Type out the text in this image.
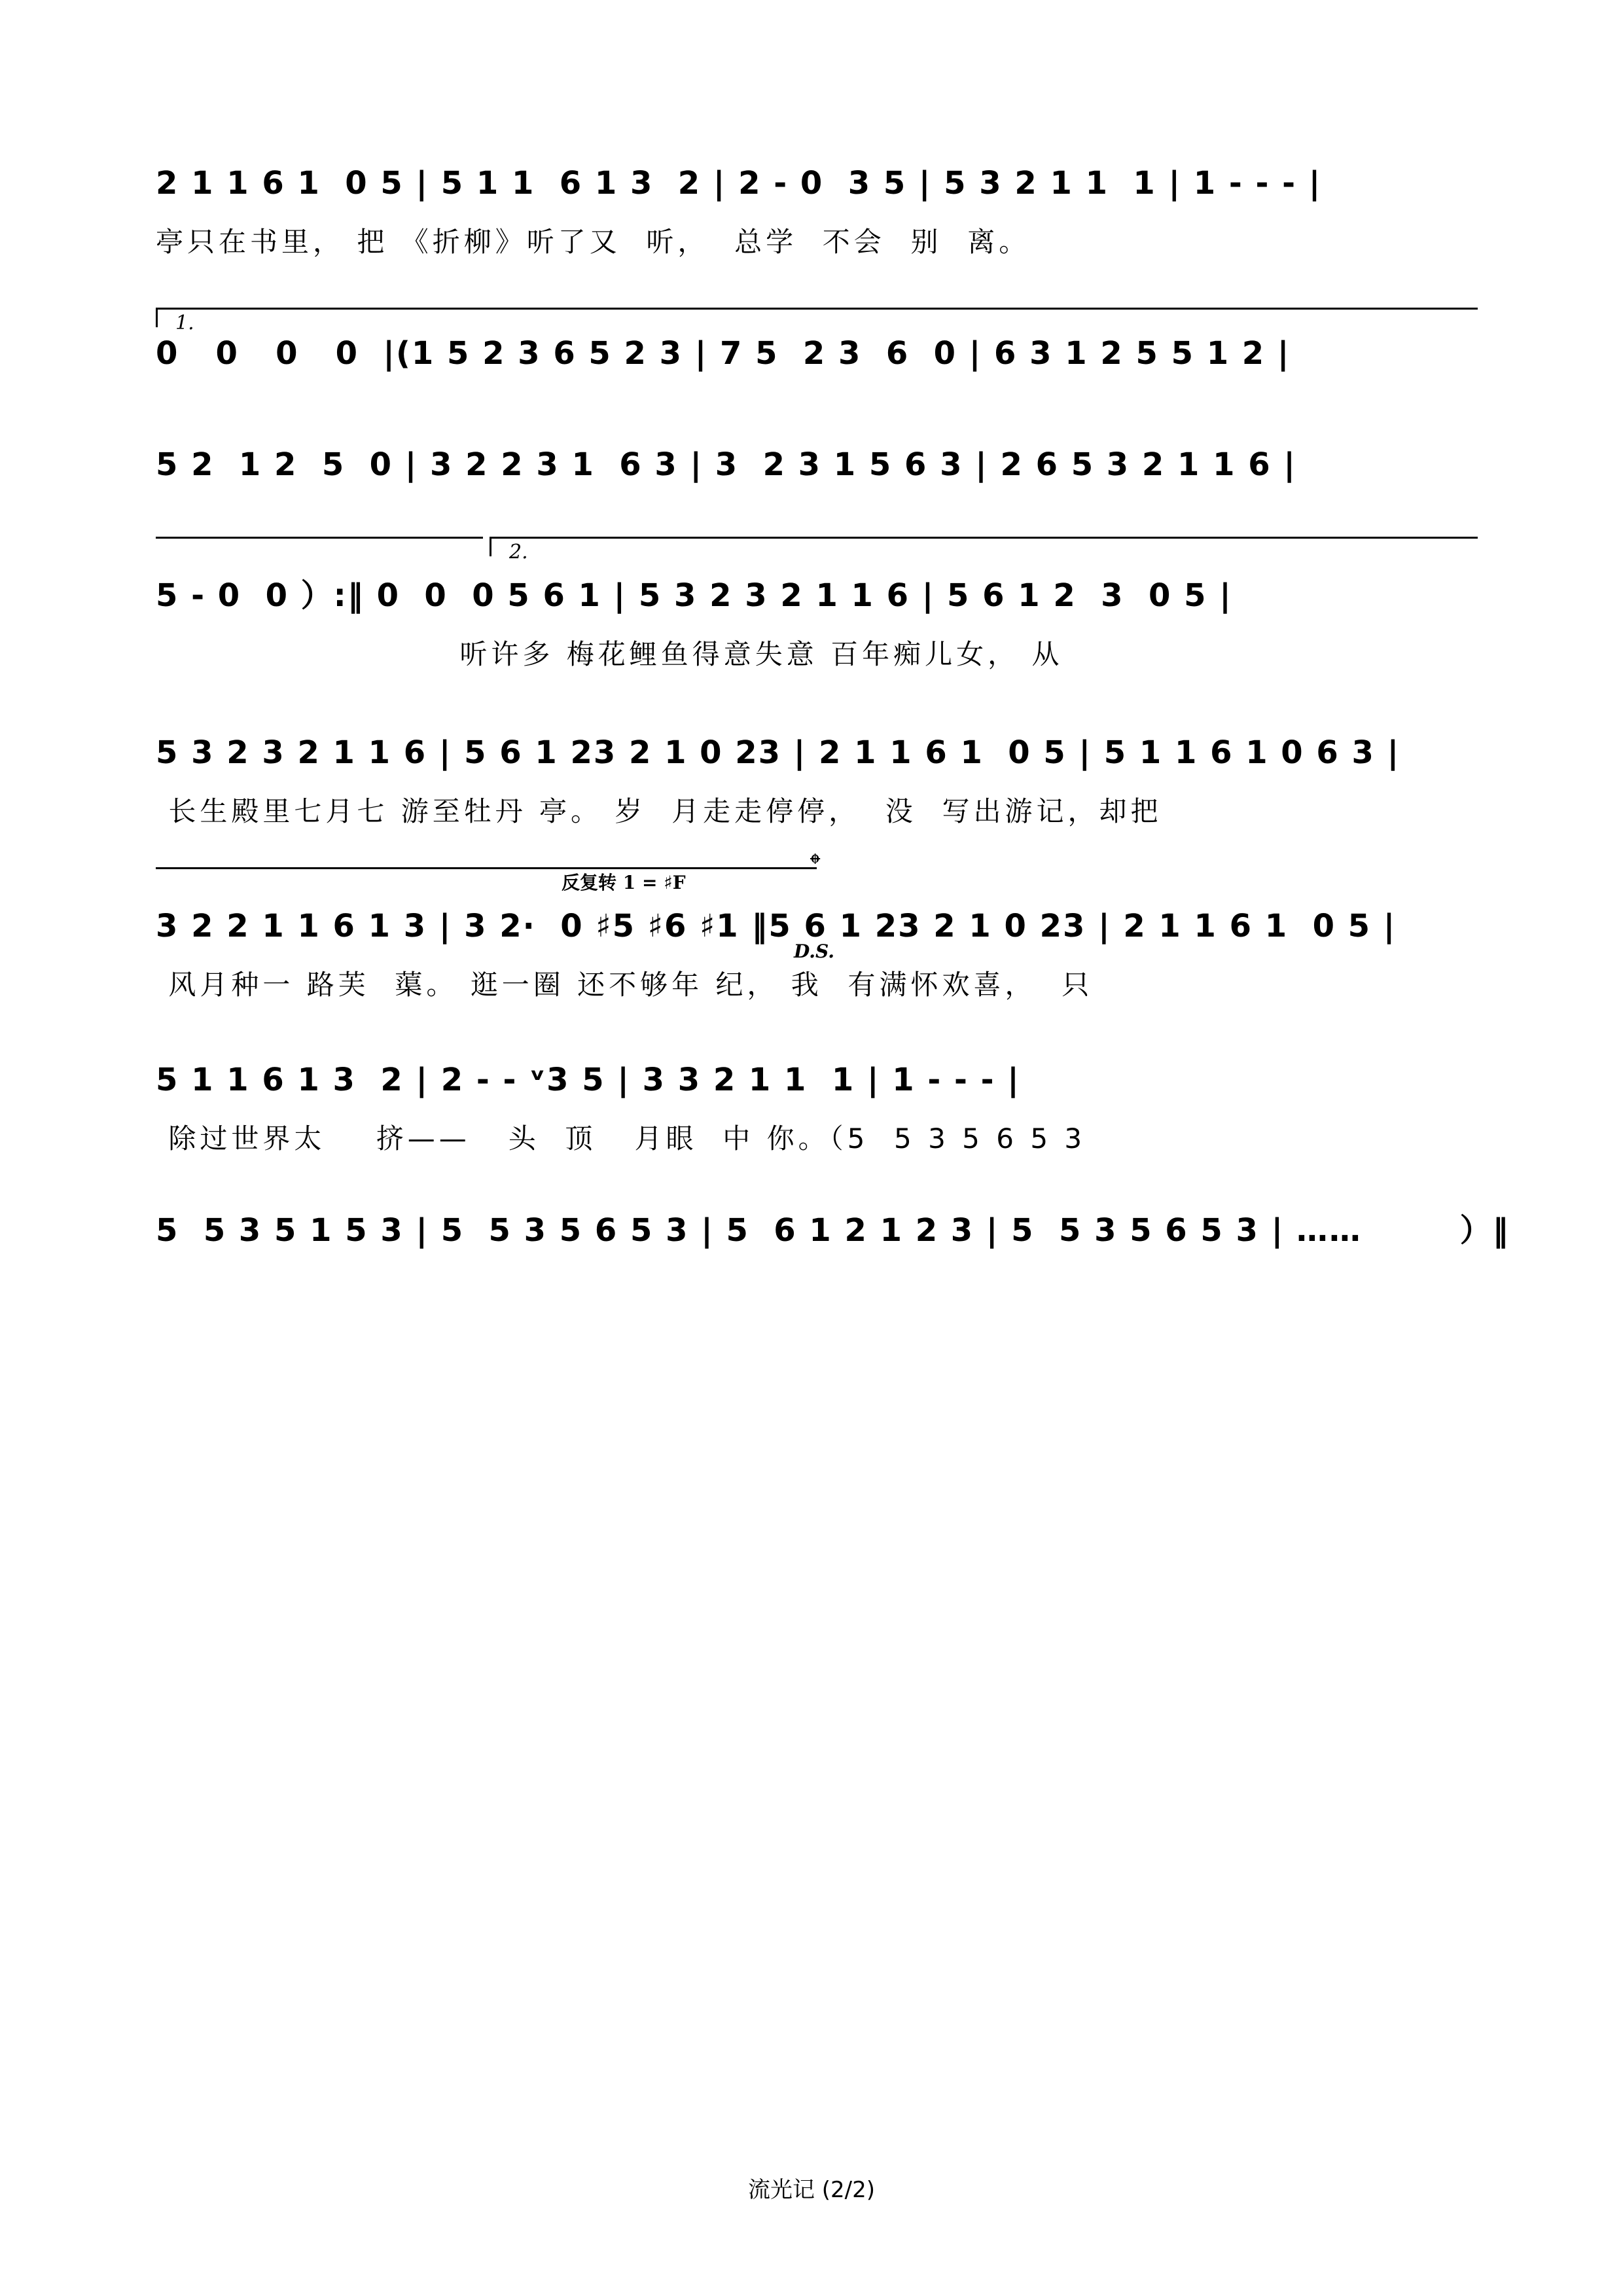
2 1 1 6 1  0 5 | 5 1 1  6 1 3  2 | 2 - 0  3 5 | 5 3 2 1 1  1 | 1 - - - |
亭只在书里， 把 《折柳》听了又  听，  总学  不会  别  离。
1.
0   0   0   0  |(1 5 2 3 6 5 2 3 | 7 5  2 3  6  0 | 6 3 1 2 5 5 1 2 |
5 2  1 2  5  0 | 3 2 2 3 1  6 3 | 3  2 3 1 5 6 3 | 2 6 5 3 2 1 1 6 |
2.
5 - 0  0 ）:‖ 0  0  0 5 6 1 | 5 3 2 3 2 1 1 6 | 5 6 1 2  3  0 5 |
听许多 梅花鲤鱼得意失意 百年痴儿女， 从
5 3 2 3 2 1 1 6 | 5 6 1 23 2 1 0 23 | 2 1 1 6 1  0 5 | 5 1 1 6 1 0 6 3 |
长生殿里七月七 游至牡丹 亭。 岁  月走走停停，  没  写出游记，却把
反复转 1 = ♯F
𝄌
D.S.
3 2 2 1 1 6 1 3 | 3 2·  0 ♯5 ♯6 ♯1 ‖5 6 1 23 2 1 0 23 | 2 1 1 6 1  0 5 |
风月种一 路芙  蕖。 逛一圈 还不够年 纪， 我  有满怀欢喜，  只
5 1 1 6 1 3  2 | 2 - - ᵛ3 5 | 3 3 2 1 1  1 | 1 - - - |
除过世界太    挤——   头  顶   月眼  中 你。（5  5 3 5 6 5 3
5  5 3 5 1 5 3 | 5  5 3 5 6 5 3 | 5  6 1 2 1 2 3 | 5  5 3 5 6 5 3 | ……        ）‖
流光记 (2/2)
